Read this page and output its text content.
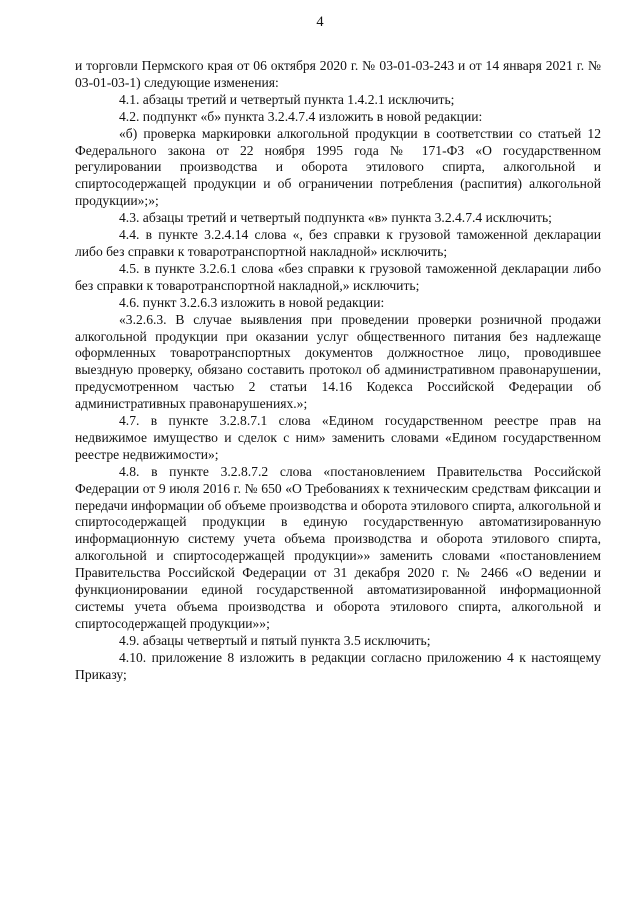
4

и торговли Пермского края от 06 октября 2020 г. № 03-01-03-243 и от 14 января 2021 г. № 03-01-03-1) следующие изменения:

4.1. абзацы третий и четвертый пункта 1.4.2.1 исключить;

4.2. подпункт «б» пункта 3.2.4.7.4 изложить в новой редакции:

«б) проверка маркировки алкогольной продукции в соответствии со статьей 12 Федерального закона от 22 ноября 1995 года № 171-ФЗ «О государственном регулировании производства и оборота этилового спирта, алкогольной и спиртосодержащей продукции и об ограничении потребления (распития) алкогольной продукции»;»;

4.3. абзацы третий и четвертый подпункта «в» пункта 3.2.4.7.4 исключить;

4.4. в пункте 3.2.4.14 слова «, без справки к грузовой таможенной декларации либо без справки к товаротранспортной накладной» исключить;

4.5. в пункте 3.2.6.1 слова «без справки к грузовой таможенной декларации либо без справки к товаротранспортной накладной,» исключить;

4.6. пункт 3.2.6.3 изложить в новой редакции:

«3.2.6.3. В случае выявления при проведении проверки розничной продажи алкогольной продукции при оказании услуг общественного питания без надлежаще оформленных товаротранспортных документов должностное лицо, проводившее выездную проверку, обязано составить протокол об административном правонарушении, предусмотренном частью 2 статьи 14.16 Кодекса Российской Федерации об административных правонарушениях.»;

4.7. в пункте 3.2.8.7.1 слова «Едином государственном реестре прав на недвижимое имущество и сделок с ним» заменить словами «Едином государственном реестре недвижимости»;

4.8. в пункте 3.2.8.7.2 слова «постановлением Правительства Российской Федерации от 9 июля 2016 г. № 650 «О Требованиях к техническим средствам фиксации и передачи информации об объеме производства и оборота этилового спирта, алкогольной и спиртосодержащей продукции в единую государственную автоматизированную информационную систему учета объема производства и оборота этилового спирта, алкогольной и спиртосодержащей продукции»» заменить словами «постановлением Правительства Российской Федерации от 31 декабря 2020 г. № 2466 «О ведении и функционировании единой государственной автоматизированной информационной системы учета объема производства и оборота этилового спирта, алкогольной и спиртосодержащей продукции»»;

4.9. абзацы четвертый и пятый пункта 3.5 исключить;

4.10. приложение 8 изложить в редакции согласно приложению 4 к настоящему Приказу;
